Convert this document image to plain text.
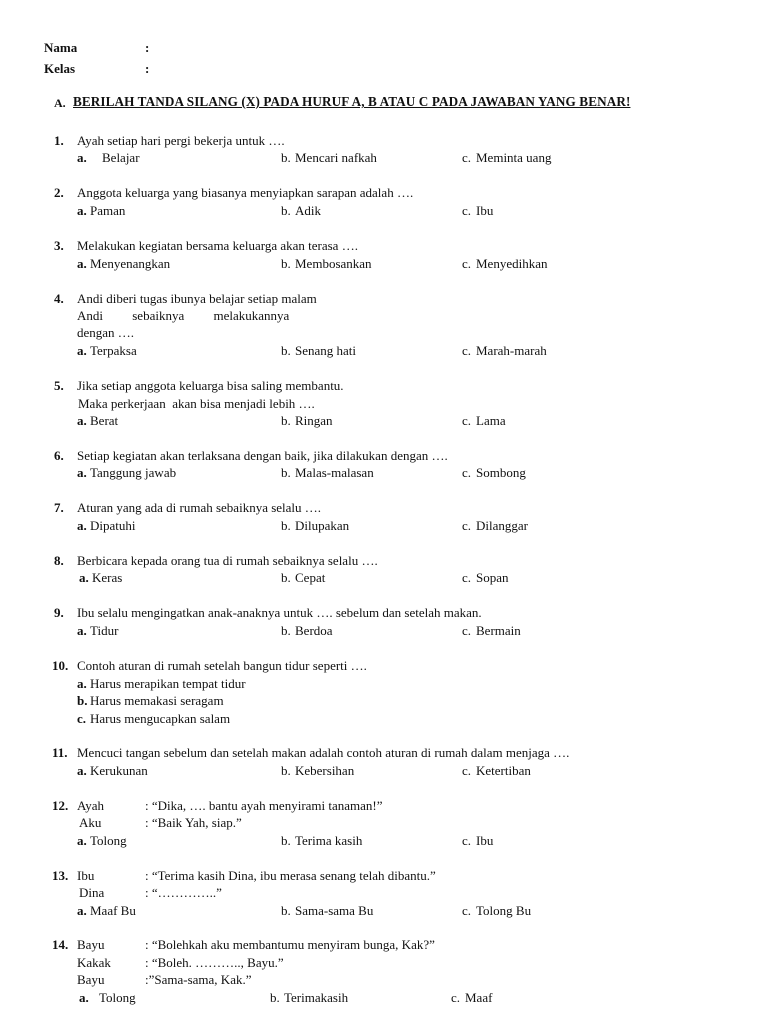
Nama	:
Kelas	:
A. BERILAH TANDA SILANG (X) PADA HURUF A, B ATAU C PADA JAWABAN YANG BENAR!
1. Ayah setiap hari pergi bekerja untuk ….
a. Belajar	b. Mencari nafkah	c. Meminta uang
2. Anggota keluarga yang biasanya menyiapkan sarapan adalah ….
a. Paman	b. Adik	c. Ibu
3. Melakukan kegiatan bersama keluarga akan terasa ….
a. Menyenangkan	b. Membosankan	c. Menyedihkan
4. Andi diberi tugas ibunya belajar setiap malam
Andi sebaiknya melakukannya
dengan ….
a. Terpaksa	b. Senang hati	c. Marah-marah
5. Jika setiap anggota keluarga bisa saling membantu.
Maka perkerjaan  akan bisa menjadi lebih ….
a. Berat	b. Ringan	c. Lama
6. Setiap kegiatan akan terlaksana dengan baik, jika dilakukan dengan ….
a. Tanggung jawab	b. Malas-malasan	c. Sombong
7. Aturan yang ada di rumah sebaiknya selalu ….
a. Dipatuhi	b. Dilupakan	c. Dilanggar
8. Berbicara kepada orang tua di rumah sebaiknya selalu ….
a. Keras	b. Cepat	c. Sopan
9. Ibu selalu mengingatkan anak-anaknya untuk …. sebelum dan setelah makan.
a. Tidur	b. Berdoa	c. Bermain
10. Contoh aturan di rumah setelah bangun tidur seperti ….
a. Harus merapikan tempat tidur
b. Harus memakasi seragam
c. Harus mengucapkan salam
11. Mencuci tangan sebelum dan setelah makan adalah contoh aturan di rumah dalam menjaga ….
a. Kerukunan	b. Kebersihan	c. Ketertiban
12. Ayah	: “Dika, …. bantu ayah menyirami tanaman!”
Aku	: “Baik Yah, siap.”
a. Tolong	b. Terima kasih	c. Ibu
13. Ibu	: “Terima kasih Dina, ibu merasa senang telah dibantu.”
Dina	: “…………..”
a. Maaf Bu	b. Sama-sama Bu	c. Tolong Bu
14. Bayu	: “Bolehkah aku membantumu menyiram bunga, Kak?”
Kakak	: “Boleh. ……….., Bayu.”
Bayu	:”Sama-sama, Kak.”
a. Tolong	b. Terimakasih	c. Maaf
